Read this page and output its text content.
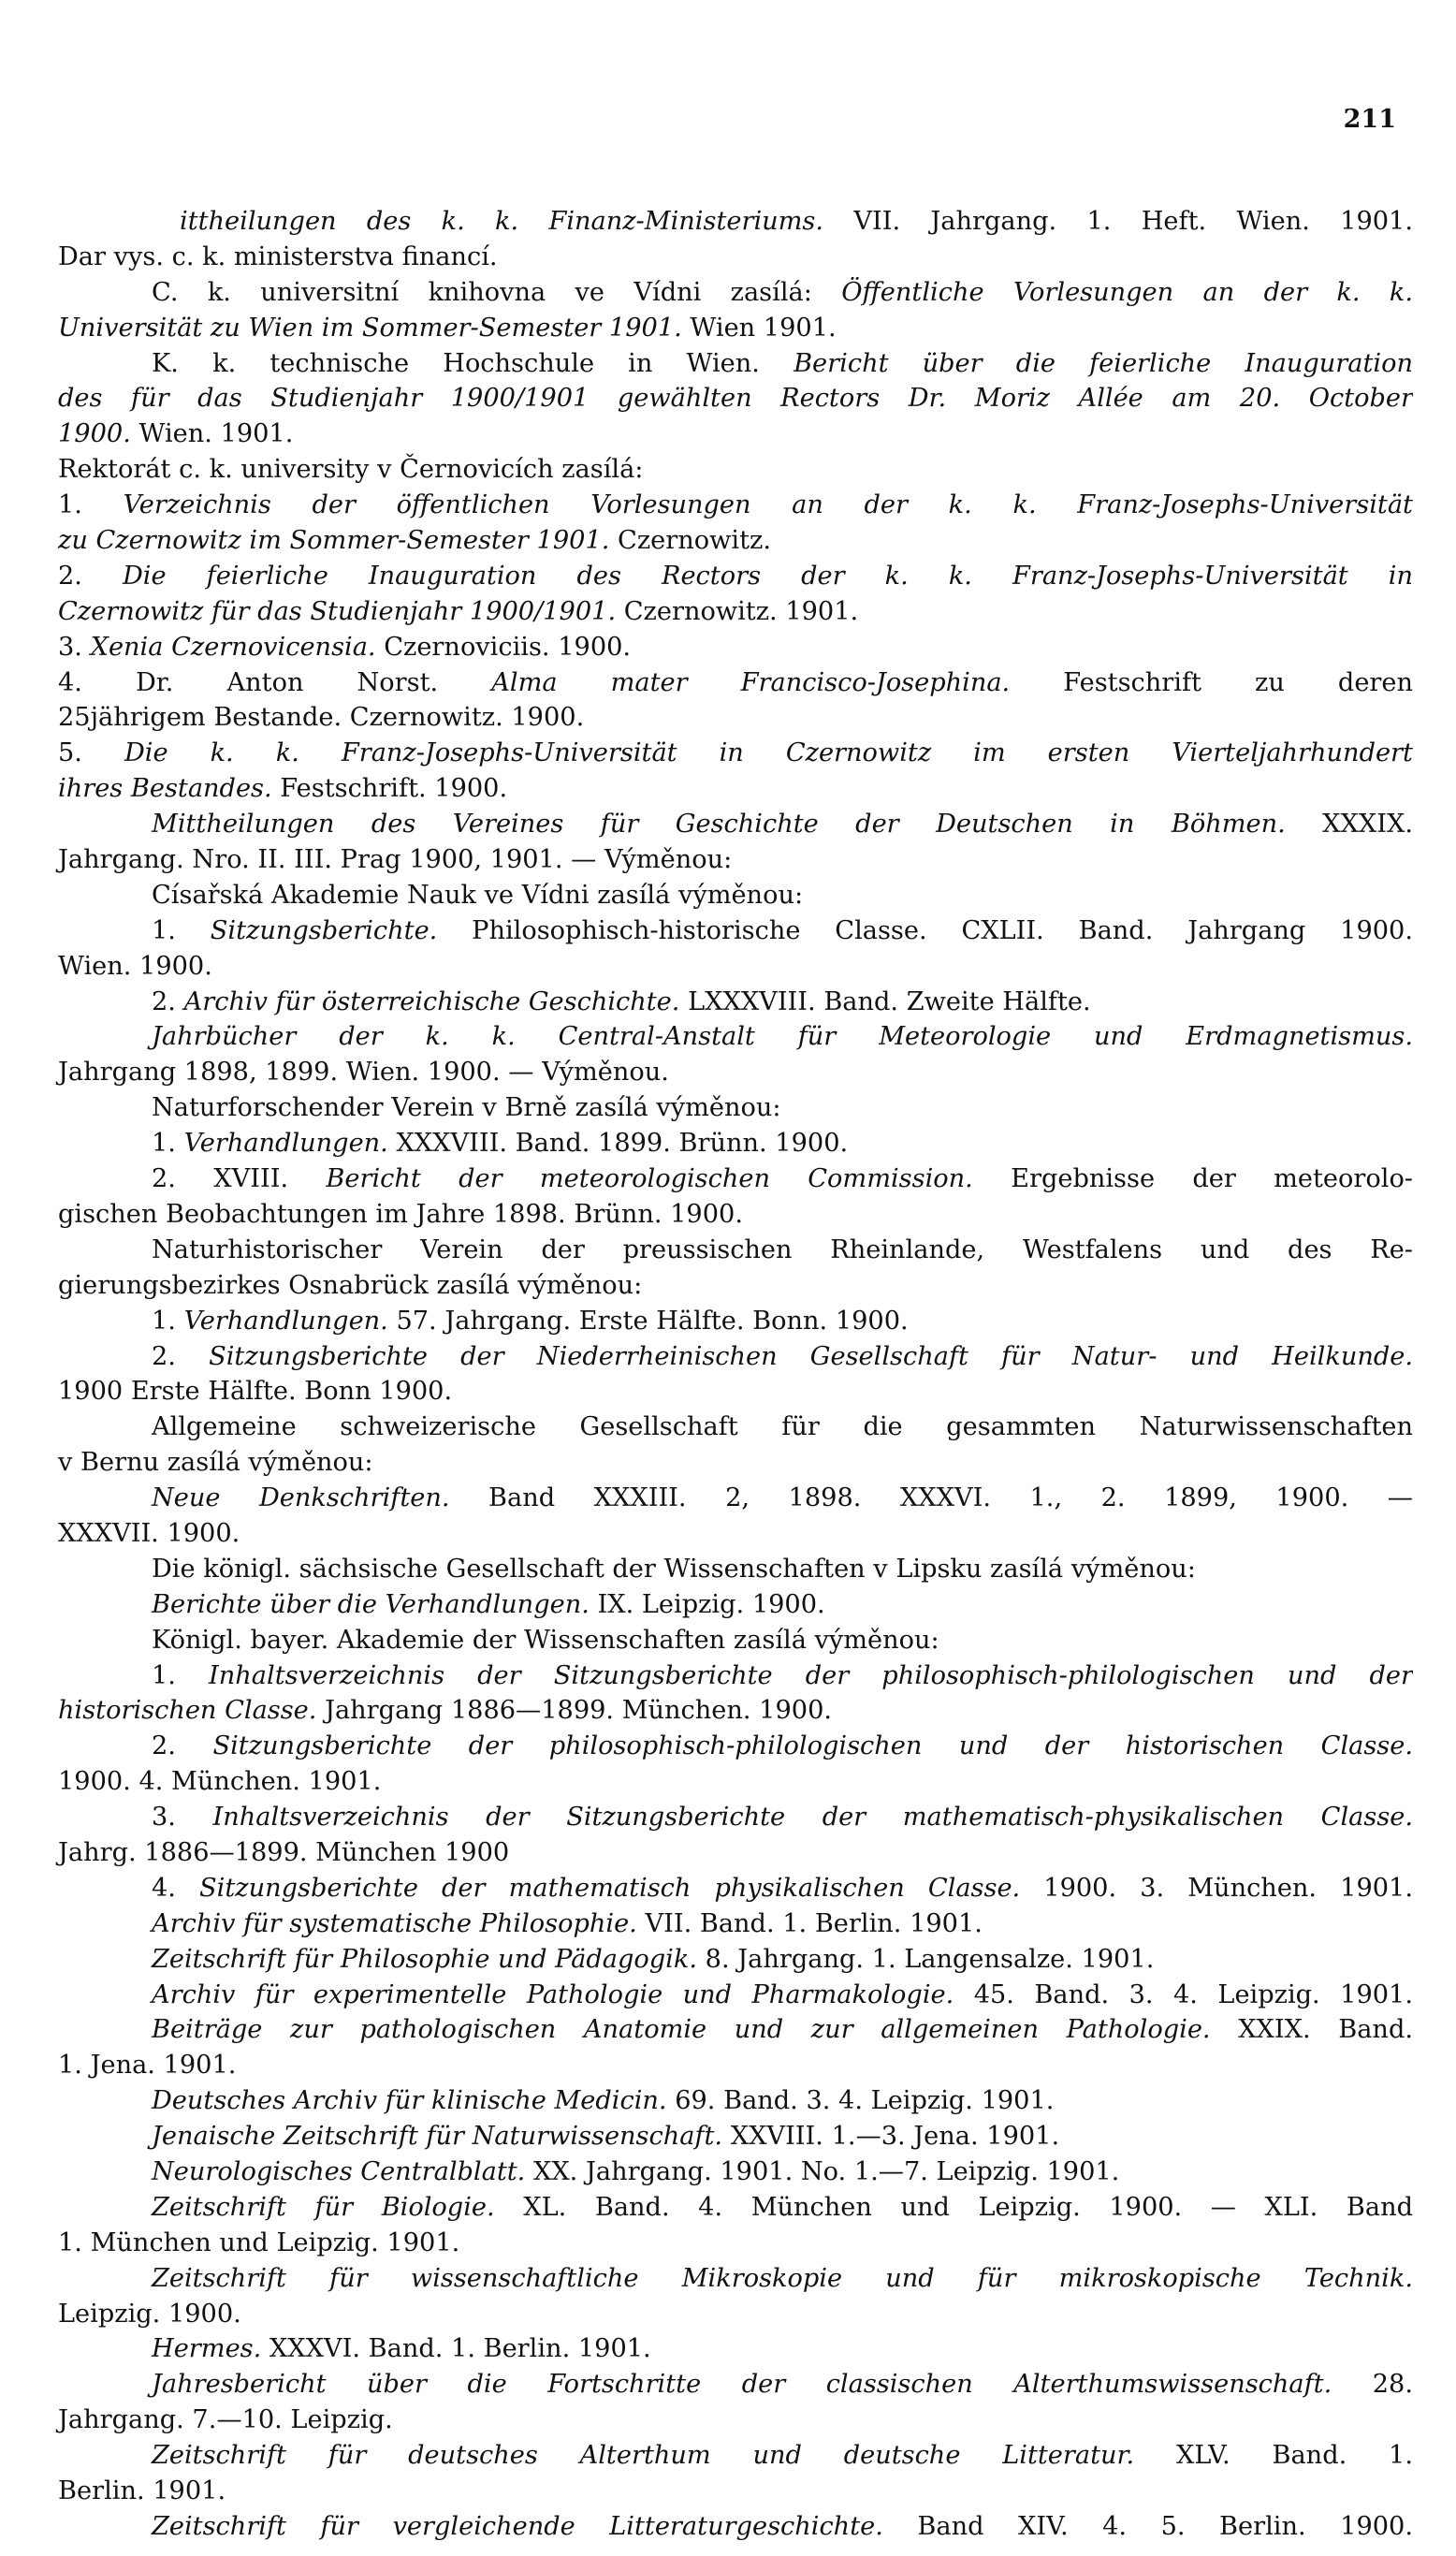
211
ittheilungen des k. k. Finanz-Ministeriums. VII. Jahrgang. 1. Heft. Wien. 1901.
Dar vys. c. k. ministerstva financí.
C. k. universitní knihovna ve Vídni zasílá: Öffentliche Vorlesungen an der k. k.
Universität zu Wien im Sommer-Semester 1901. Wien 1901.
K. k. technische Hochschule in Wien. Bericht über die feierliche Inauguration
des für das Studienjahr 1900/1901 gewählten Rectors Dr. Moriz Allée am 20. October
1900. Wien. 1901.
Rektorát c. k. university v Černovicích zasílá:
1. Verzeichnis der öffentlichen Vorlesungen an der k. k. Franz-Josephs-Universität
zu Czernowitz im Sommer-Semester 1901. Czernowitz.
2. Die feierliche Inauguration des Rectors der k. k. Franz-Josephs-Universität in
Czernowitz für das Studienjahr 1900/1901. Czernowitz. 1901.
3. Xenia Czernovicensia. Czernoviciis. 1900.
4. Dr. Anton Norst. Alma mater Francisco-Josephina. Festschrift zu deren
25jährigem Bestande. Czernowitz. 1900.
5. Die k. k. Franz-Josephs-Universität in Czernowitz im ersten Vierteljahrhundert
ihres Bestandes. Festschrift. 1900.
Mittheilungen des Vereines für Geschichte der Deutschen in Böhmen. XXXIX.
Jahrgang. Nro. II. III. Prag 1900, 1901. — Výměnou:
Císařská Akademie Nauk ve Vídni zasílá výměnou:
1. Sitzungsberichte. Philosophisch-historische Classe. CXLII. Band. Jahrgang 1900.
Wien. 1900.
2. Archiv für österreichische Geschichte. LXXXVIII. Band. Zweite Hälfte.
Jahrbücher der k. k. Central-Anstalt für Meteorologie und Erdmagnetismus.
Jahrgang 1898, 1899. Wien. 1900. — Výměnou.
Naturforschender Verein v Brně zasílá výměnou:
1. Verhandlungen. XXXVIII. Band. 1899. Brünn. 1900.
2. XVIII. Bericht der meteorologischen Commission. Ergebnisse der meteorolo-
gischen Beobachtungen im Jahre 1898. Brünn. 1900.
Naturhistorischer Verein der preussischen Rheinlande, Westfalens und des Re-
gierungsbezirkes Osnabrück zasílá výměnou:
1. Verhandlungen. 57. Jahrgang. Erste Hälfte. Bonn. 1900.
2. Sitzungsberichte der Niederrheinischen Gesellschaft für Natur- und Heilkunde.
1900 Erste Hälfte. Bonn 1900.
Allgemeine schweizerische Gesellschaft für die gesammten Naturwissenschaften
v Bernu zasílá výměnou:
Neue Denkschriften. Band XXXIII. 2, 1898. XXXVI. 1., 2. 1899, 1900. —
XXXVII. 1900.
Die königl. sächsische Gesellschaft der Wissenschaften v Lipsku zasílá výměnou:
Berichte über die Verhandlungen. IX. Leipzig. 1900.
Königl. bayer. Akademie der Wissenschaften zasílá výměnou:
1. Inhaltsverzeichnis der Sitzungsberichte der philosophisch-philologischen und der
historischen Classe. Jahrgang 1886—1899. München. 1900.
2. Sitzungsberichte der philosophisch-philologischen und der historischen Classe.
1900. 4. München. 1901.
3. Inhaltsverzeichnis der Sitzungsberichte der mathematisch-physikalischen Classe.
Jahrg. 1886—1899. München 1900
4. Sitzungsberichte der mathematisch physikalischen Classe. 1900. 3. München. 1901.
Archiv für systematische Philosophie. VII. Band. 1. Berlin. 1901.
Zeitschrift für Philosophie und Pädagogik. 8. Jahrgang. 1. Langensalze. 1901.
Archiv für experimentelle Pathologie und Pharmakologie. 45. Band. 3. 4. Leipzig. 1901.
Beiträge zur pathologischen Anatomie und zur allgemeinen Pathologie. XXIX. Band.
1. Jena. 1901.
Deutsches Archiv für klinische Medicin. 69. Band. 3. 4. Leipzig. 1901.
Jenaische Zeitschrift für Naturwissenschaft. XXVIII. 1.—3. Jena. 1901.
Neurologisches Centralblatt. XX. Jahrgang. 1901. No. 1.—7. Leipzig. 1901.
Zeitschrift für Biologie. XL. Band. 4. München und Leipzig. 1900. — XLI. Band
1. München und Leipzig. 1901.
Zeitschrift für wissenschaftliche Mikroskopie und für mikroskopische Technik.
Leipzig. 1900.
Hermes. XXXVI. Band. 1. Berlin. 1901.
Jahresbericht über die Fortschritte der classischen Alterthumswissenschaft. 28.
Jahrgang. 7.—10. Leipzig.
Zeitschrift für deutsches Alterthum und deutsche Litteratur. XLV. Band. 1.
Berlin. 1901.
Zeitschrift für vergleichende Litteraturgeschichte. Band XIV. 4. 5. Berlin. 1900.
